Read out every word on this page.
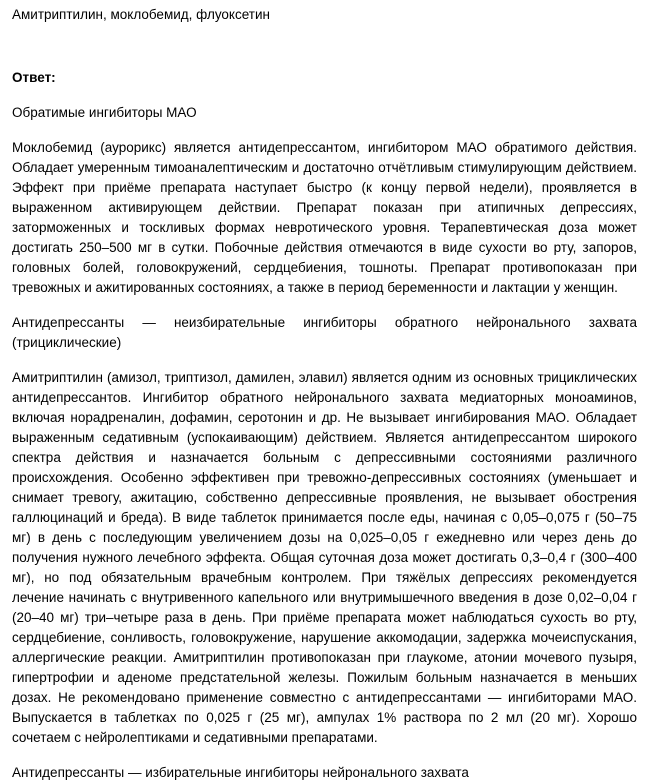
Амитриптилин, моклобемид, флуоксетин

Ответ:

Обратимые ингибиторы МАО

Моклобемид (аурорикс) является антидепрессантом, ингибитором МАО обратимого действия. Обладает умеренным тимоаналептическим и достаточно отчётливым стимулирующим действием. Эффект при приёме препарата наступает быстро (к концу первой недели), проявляется в выраженном активирующем действии. Препарат показан при атипичных депрессиях, заторможенных и тоскливых формах невротического уровня. Терапевтическая доза может достигать 250–500 мг в сутки. Побочные действия отмечаются в виде сухости во рту, запоров, головных болей, головокружений, сердцебиения, тошноты. Препарат противопоказан при тревожных и ажитированных состояниях, а также в период беременности и лактации у женщин.

Антидепрессанты — неизбирательные ингибиторы обратного нейронального захвата (трициклические)

Амитриптилин (амизол, триптизол, дамилен, элавил) является одним из основных трициклических антидепрессантов. Ингибитор обратного нейронального захвата медиаторных моноаминов, включая норадреналин, дофамин, серотонин и др. Не вызывает ингибирования МАО. Обладает выраженным седативным (успокаивающим) действием. Является антидепрессантом широкого спектра действия и назначается больным с депрессивными состояниями различного происхождения. Особенно эффективен при тревожно-депрессивных состояниях (уменьшает и снимает тревогу, ажитацию, собственно депрессивные проявления, не вызывает обострения галлюцинаций и бреда). В виде таблеток принимается после еды, начиная с 0,05–0,075 г (50–75 мг) в день с последующим увеличением дозы на 0,025–0,05 г ежедневно или через день до получения нужного лечебного эффекта. Общая суточная доза может достигать 0,3–0,4 г (300–400 мг), но под обязательным врачебным контролем. При тяжёлых депрессиях рекомендуется лечение начинать с внутривенного капельного или внутримышечного введения в дозе 0,02–0,04 г (20–40 мг) три–четыре раза в день. При приёме препарата может наблюдаться сухость во рту, сердцебиение, сонливость, головокружение, нарушение аккомодации, задержка мочеиспускания, аллергические реакции. Амитриптилин противопоказан при глаукоме, атонии мочевого пузыря, гипертрофии и аденоме предстательной железы. Пожилым больным назначается в меньших дозах. Не рекомендовано применение совместно с антидепрессантами — ингибиторами МАО. Выпускается в таблетках по 0,025 г (25 мг), ампулах 1% раствора по 2 мл (20 мг). Хорошо сочетаем с нейролептиками и седативными препаратами.

Антидепрессанты — избирательные ингибиторы нейронального захвата
